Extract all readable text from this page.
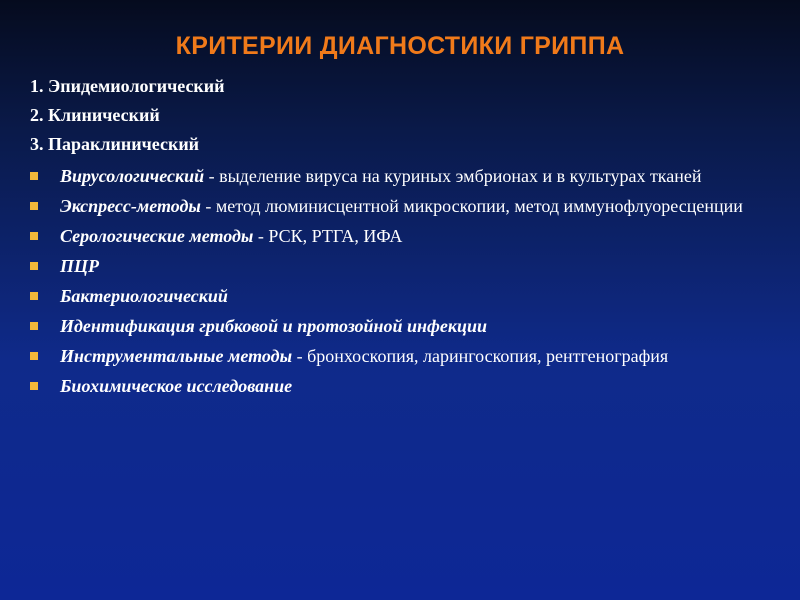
КРИТЕРИИ ДИАГНОСТИКИ ГРИППА
1. Эпидемиологический
2. Клинический
3. Параклинический
Вирусологический - выделение вируса на куриных эмбрионах и в культурах тканей
Экспресс-методы - метод люминисцентной микроскопии, метод иммунофлуоресценции
Серологические методы - РСК, РТГА, ИФА
ПЦР
Бактериологический
Идентификация грибковой и протозойной инфекции
Инструментальные методы - бронхоскопия, ларингоскопия, рентгенография
Биохимическое исследование
